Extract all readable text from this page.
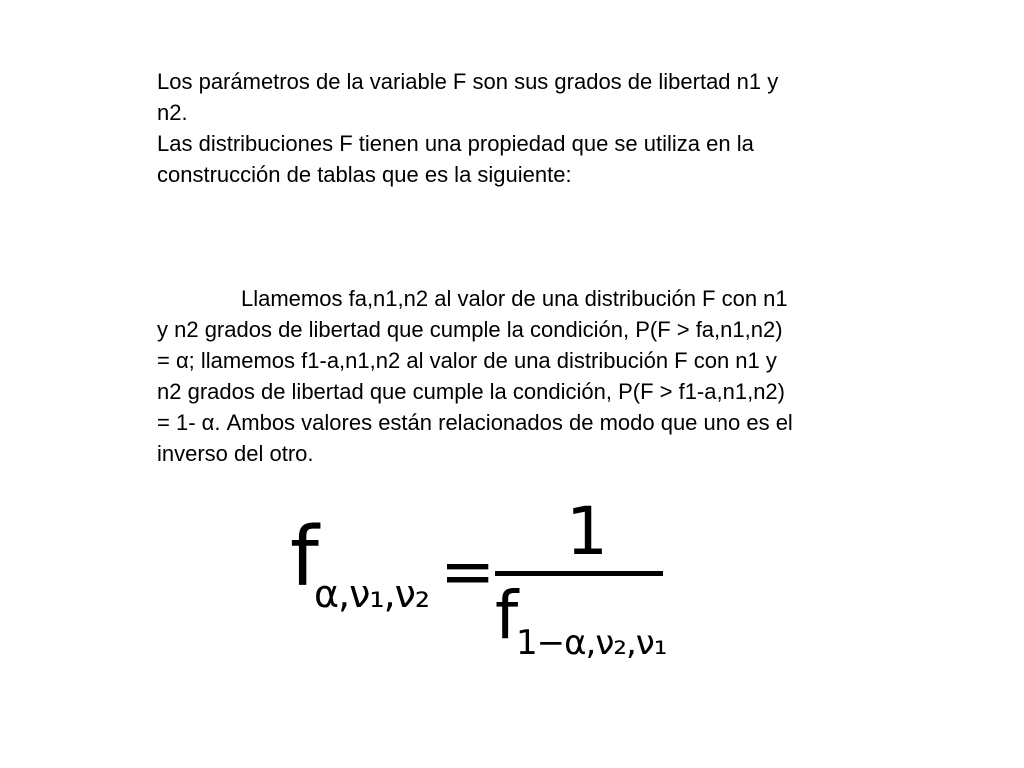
Los parámetros de la variable F son sus grados de libertad n1 y
n2.
Las distribuciones F tienen una propiedad que se utiliza en la
construcción de tablas que es la siguiente:

Llamemos fa,n1,n2 al valor de una distribución F con n1
y n2 grados de libertad que cumple la condición, P(F > fa,n1,n2)
= α; llamemos f1-a,n1,n2 al valor de una distribución F con n1 y
n2 grados de libertad que cumple la condición, P(F > f1-a,n1,n2)
= 1- α. Ambos valores están relacionados de modo que uno es el
inverso del otro.

f
α,ν₁,ν₂ =
1
f
1−α,ν₂,ν₁
